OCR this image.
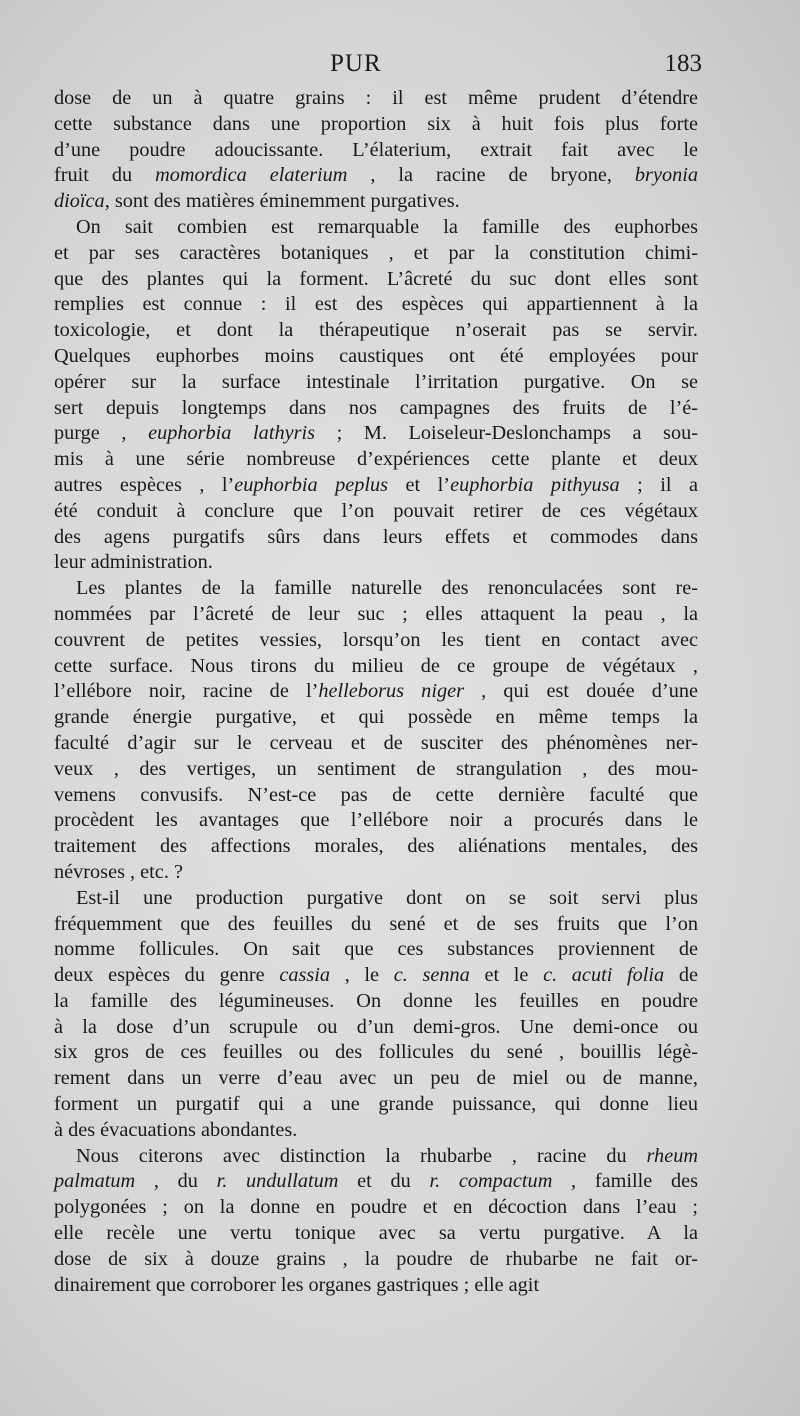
PUR	183
dose de un à quatre grains : il est même prudent d’étendre
cette substance dans une proportion six à huit fois plus forte
d’une poudre adoucissante. L’élaterium, extrait fait avec le
fruit du momordica elaterium , la racine de bryone, bryonia
dioïca, sont des matières éminemment purgatives.
On sait combien est remarquable la famille des euphorbes
et par ses caractères botaniques , et par la constitution chimi-
que des plantes qui la forment. L’âcreté du suc dont elles sont
remplies est connue : il est des espèces qui appartiennent à la
toxicologie, et dont la thérapeutique n’oserait pas se servir.
Quelques euphorbes moins caustiques ont été employées pour
opérer sur la surface intestinale l’irritation purgative. On se
sert depuis longtemps dans nos campagnes des fruits de l’é-
purge , euphorbia lathyris ; M. Loiseleur-Deslonchamps a sou-
mis à une série nombreuse d’expériences cette plante et deux
autres espèces , l’euphorbia peplus et l’euphorbia pithyusa ; il a
été conduit à conclure que l’on pouvait retirer de ces végétaux
des agens purgatifs sûrs dans leurs effets et commodes dans
leur administration.
Les plantes de la famille naturelle des renonculacées sont re-
nommées par l’âcreté de leur suc ; elles attaquent la peau , la
couvrent de petites vessies, lorsqu’on les tient en contact avec
cette surface. Nous tirons du milieu de ce groupe de végétaux ,
l’ellébore noir, racine de l’helleborus niger , qui est douée d’une
grande énergie purgative, et qui possède en même temps la
faculté d’agir sur le cerveau et de susciter des phénomènes ner-
veux , des vertiges, un sentiment de strangulation , des mou-
vemens convusifs. N’est-ce pas de cette dernière faculté que
procèdent les avantages que l’ellébore noir a procurés dans le
traitement des affections morales, des aliénations mentales, des
névroses , etc. ?
Est-il une production purgative dont on se soit servi plus
fréquemment que des feuilles du sené et de ses fruits que l’on
nomme follicules. On sait que ces substances proviennent de
deux espèces du genre cassia , le c. senna et le c. acuti folia de
la famille des légumineuses. On donne les feuilles en poudre
à la dose d’un scrupule ou d’un demi-gros. Une demi-once ou
six gros de ces feuilles ou des follicules du sené , bouillis légè-
rement dans un verre d’eau avec un peu de miel ou de manne,
forment un purgatif qui a une grande puissance, qui donne lieu
à des évacuations abondantes.
Nous citerons avec distinction la rhubarbe , racine du rheum
palmatum , du r. undullatum et du r. compactum , famille des
polygonées ; on la donne en poudre et en décoction dans l’eau ;
elle recèle une vertu tonique avec sa vertu purgative. A la
dose de six à douze grains , la poudre de rhubarbe ne fait or-
dinairement que corroborer les organes gastriques ; elle agit
